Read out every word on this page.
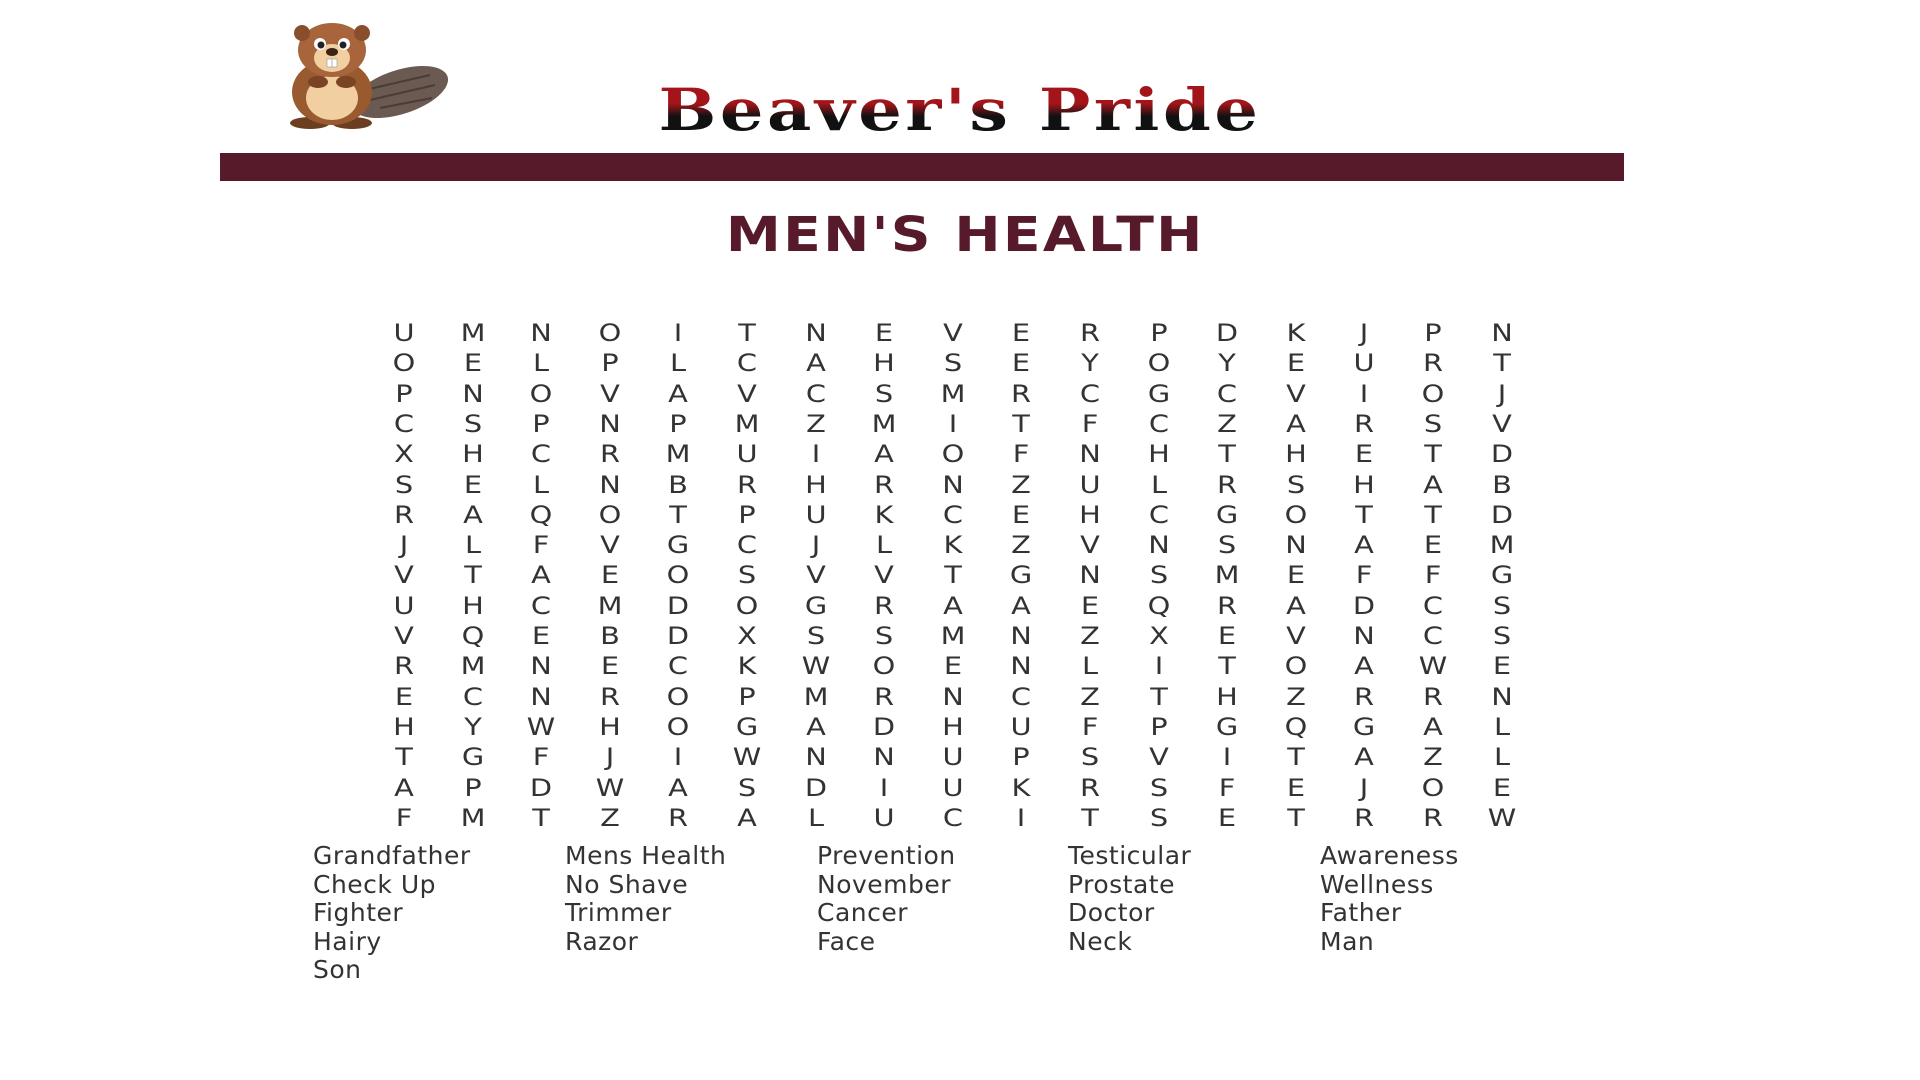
Beaver's Pride
MEN'S HEALTH
U	M	N	O	I	T	N	E	V	E	R	P	D	K	J	P	N
O	E	L	P	L	C	A	H	S	E	Y	O	Y	E	U	R	T
P	N	O	V	A	V	C	S	M	R	C	G	C	V	I	O	J
C	S	P	N	P	M	Z	M	I	T	F	C	Z	A	R	S	V
X	H	C	R	M	U	I	A	O	F	N	H	T	H	E	T	D
S	E	L	N	B	R	H	R	N	Z	U	L	R	S	H	A	B
R	A	Q	O	T	P	U	K	C	E	H	C	G	O	T	T	D
J	L	F	V	G	C	J	L	K	Z	V	N	S	N	A	E	M
V	T	A	E	O	S	V	V	T	G	N	S	M	E	F	F	G
U	H	C	M	D	O	G	R	A	A	E	Q	R	A	D	C	S
V	Q	E	B	D	X	S	S	M	N	Z	X	E	V	N	C	S
R	M	N	E	C	K	W	O	E	N	L	I	T	O	A	W	E
E	C	N	R	O	P	M	R	N	C	Z	T	H	Z	R	R	N
H	Y	W	H	O	G	A	D	H	U	F	P	G	Q	G	A	L
T	G	F	J	I	W	N	N	U	P	S	V	I	T	A	Z	L
A	P	D	W	A	S	D	I	U	K	R	S	F	E	J	O	E
F	M	T	Z	R	A	L	U	C	I	T	S	E	T	R	R	W
Grandfather
Check Up
Fighter
Hairy
Son
Mens Health
No Shave
Trimmer
Razor
Prevention
November
Cancer
Face
Testicular
Prostate
Doctor
Neck
Awareness
Wellness
Father
Man
